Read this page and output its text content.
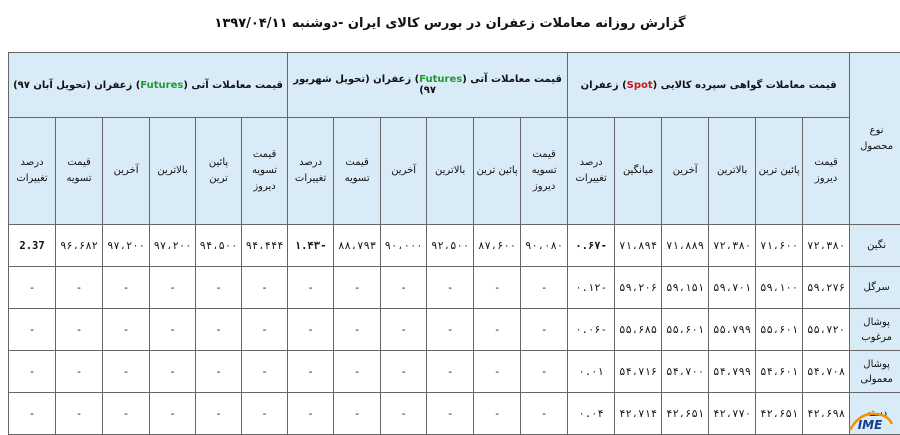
گزارش روزانه معاملات زعفران در بورس کالای ایران -دوشنبه ۱۳۹۷/۰۴/۱۱
نوع محصول	قیمت معاملات گواهی سپرده کالایی (Spot) زعفران						قیمت معاملات آتی (Futures) زعفران (تحویل شهریور ۹۷)						قیمت معاملات آتی (Futures) زعفران (تحویل آبان ۹۷)					
	قیمت دیروز	پائین ترین	بالاترین	آخرین	میانگین	درصد تغییرات	قیمت تسویه دیروز	پائین ترین	بالاترین	آخرین	قیمت تسویه	درصد تغییرات	قیمت تسویه دیروز	پائین ترین	بالاترین	آخرین	قیمت تسویه	درصد تغییرات
نگین	۷۲،۳۸۰	۷۱،۶۰۰	۷۲،۳۸۰	۷۱،۸۸۹	۷۱،۸۹۴	-۰.۶۷	۹۰،۰۸۰	۸۷،۶۰۰	۹۲،۵۰۰	۹۰،۰۰۰	۸۸،۷۹۳	-۱.۴۳	۹۴،۴۴۴	۹۴،۵۰۰	۹۷،۲۰۰	۹۷،۲۰۰	۹۶،۶۸۲	2.37
سرگل	۵۹،۲۷۶	۵۹،۱۰۰	۵۹،۷۰۱	۵۹،۱۵۱	۵۹،۲۰۶	-۰.۱۲	-	-	-	-	-	-	-	-	-	-	-	-
پوشال مرغوب	۵۵،۷۲۰	۵۵،۶۰۱	۵۵،۷۹۹	۵۵،۶۰۱	۵۵،۶۸۵	-۰.۰۶	-	-	-	-	-	-	-	-	-	-	-	-
پوشال معمولی	۵۴،۷۰۸	۵۴،۶۰۱	۵۴،۷۹۹	۵۴،۷۰۰	۵۴،۷۱۶	۰.۰۱	-	-	-	-	-	-	-	-	-	-	-	-
دسته	۴۲،۶۹۸	۴۲،۶۵۱	۴۲،۷۷۰	۴۲،۶۵۱	۴۲،۷۱۴	۰.۰۴	-	-	-	-	-	-	-	-	-	-	-	-
IME
